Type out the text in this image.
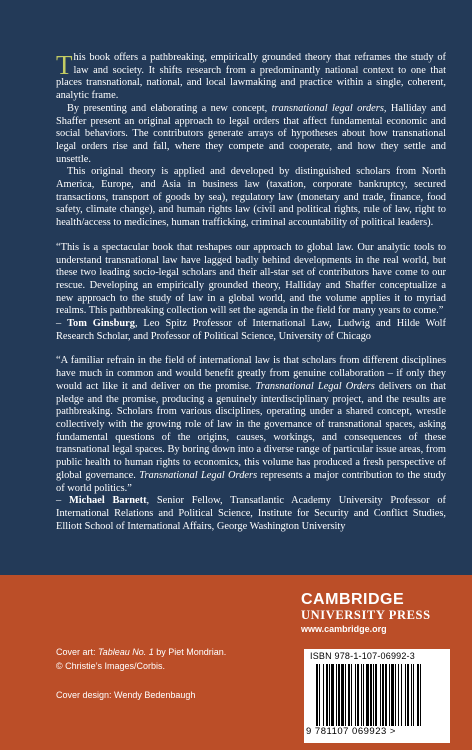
This book offers a pathbreaking, empirically grounded theory that reframes the study of law and society. It shifts research from a predominantly national context to one that places transnational, national, and local lawmaking and practice within a single, coherent, analytic frame.

By presenting and elaborating a new concept, transnational legal orders, Halliday and Shaffer present an original approach to legal orders that affect fundamental economic and social behaviors. The contributors generate arrays of hypotheses about how transnational legal orders rise and fall, where they compete and cooperate, and how they settle and unsettle.

This original theory is applied and developed by distinguished scholars from North America, Europe, and Asia in business law (taxation, corporate bankruptcy, secured transactions, transport of goods by sea), regulatory law (monetary and trade, finance, food safety, climate change), and human rights law (civil and political rights, rule of law, right to health/access to medicines, human trafficking, criminal accountability of political leaders).

“This is a spectacular book that reshapes our approach to global law. Our analytic tools to understand transnational law have lagged badly behind developments in the real world, but these two leading socio-legal scholars and their all-star set of contributors have come to our rescue. Developing an empirically grounded theory, Halliday and Shaffer conceptualize a new approach to the study of law in a global world, and the volume applies it to myriad realms. This pathbreaking collection will set the agenda in the field for many years to come.”
– Tom Ginsburg, Leo Spitz Professor of International Law, Ludwig and Hilde Wolf Research Scholar, and Professor of Political Science, University of Chicago

“A familiar refrain in the field of international law is that scholars from different disciplines have much in common and would benefit greatly from genuine collaboration – if only they would act like it and deliver on the promise. Transnational Legal Orders delivers on that pledge and the promise, producing a genuinely interdisciplinary project, and the results are pathbreaking. Scholars from various disciplines, operating under a shared concept, wrestle collectively with the growing role of law in the governance of transnational spaces, asking fundamental questions of the origins, causes, workings, and consequences of these transnational legal spaces. By boring down into a diverse range of particular issue areas, from public health to human rights to economics, this volume has produced a fresh perspective of global governance. Transnational Legal Orders represents a major contribution to the study of world politics.”
– Michael Barnett, Senior Fellow, Transatlantic Academy University Professor of International Relations and Political Science, Institute for Security and Conflict Studies, Elliott School of International Affairs, George Washington University

Cover art: Tableau No. 1 by Piet Mondrian.
© Christie’s Images/Corbis.
Cover design: Wendy Bedenbaugh
CAMBRIDGE
UNIVERSITY PRESS
www.cambridge.org
ISBN 978-1-107-06992-3
9 781107 069923 >
